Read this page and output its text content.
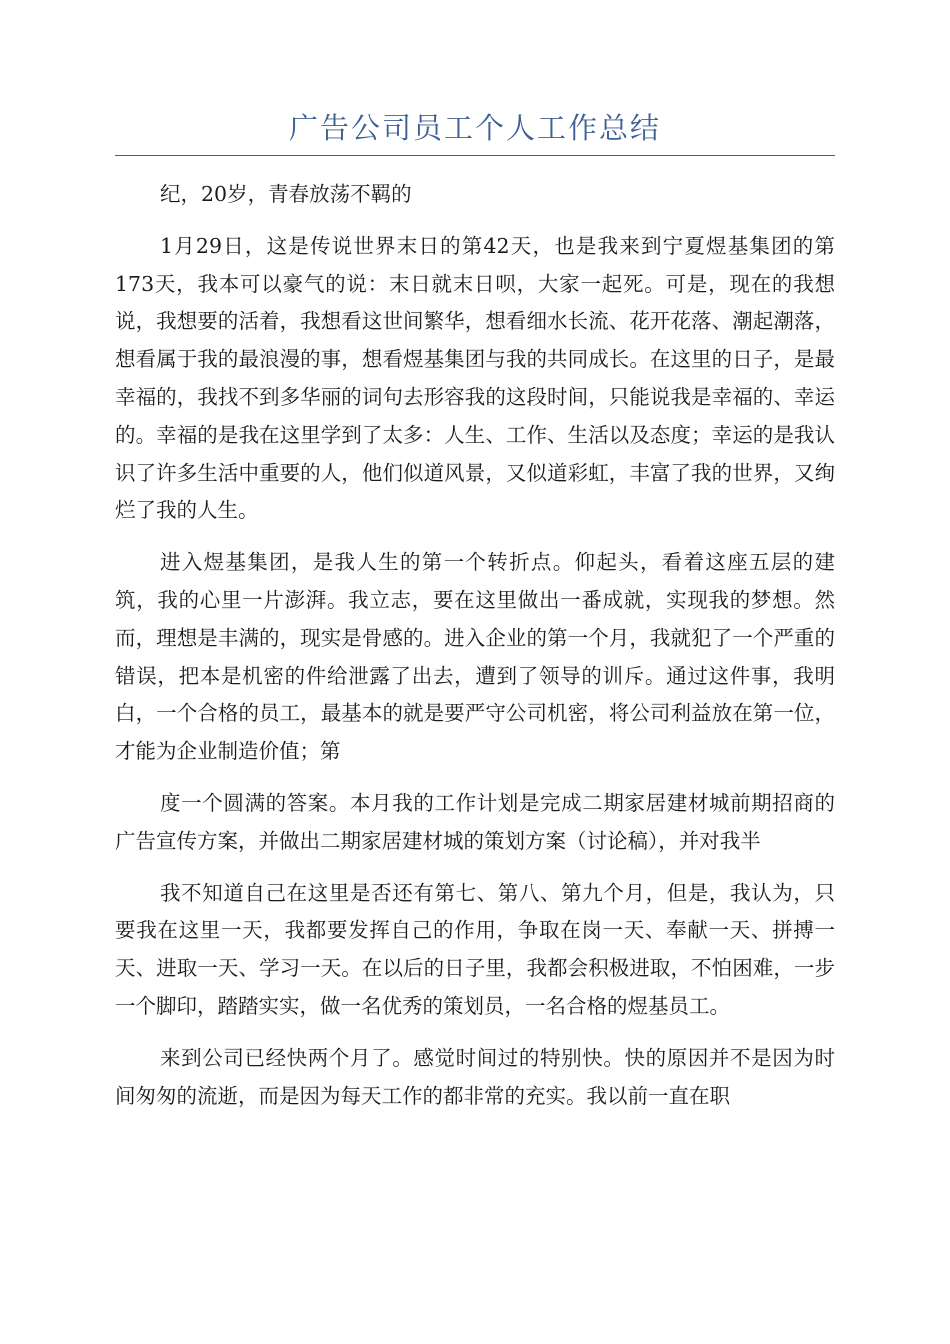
广告公司员工个人工作总结

纪，20岁，青春放荡不羁的

1月29日，这是传说世界末日的第42天，也是我来到宁夏煜基集团的第173天，我本可以豪气的说：末日就末日呗，大家一起死。可是，现在的我想说，我想要的活着，我想看这世间繁华，想看细水长流、花开花落、潮起潮落，想看属于我的最浪漫的事，想看煜基集团与我的共同成长。在这里的日子，是最幸福的，我找不到多华丽的词句去形容我的这段时间，只能说我是幸福的、幸运的。幸福的是我在这里学到了太多：人生、工作、生活以及态度；幸运的是我认识了许多生活中重要的人，他们似道风景，又似道彩虹，丰富了我的世界，又绚烂了我的人生。

进入煜基集团，是我人生的第一个转折点。仰起头，看着这座五层的建筑，我的心里一片澎湃。我立志，要在这里做出一番成就，实现我的梦想。然而，理想是丰满的，现实是骨感的。进入企业的第一个月，我就犯了一个严重的错误，把本是机密的件给泄露了出去，遭到了领导的训斥。通过这件事，我明白，一个合格的员工，最基本的就是要严守公司机密，将公司利益放在第一位，才能为企业制造价值；第

度一个圆满的答案。本月我的工作计划是完成二期家居建材城前期招商的广告宣传方案，并做出二期家居建材城的策划方案（讨论稿），并对我半

我不知道自己在这里是否还有第七、第八、第九个月，但是，我认为，只要我在这里一天，我都要发挥自己的作用，争取在岗一天、奉献一天、拼搏一天、进取一天、学习一天。在以后的日子里，我都会积极进取，不怕困难，一步一个脚印，踏踏实实，做一名优秀的策划员，一名合格的煜基员工。

来到公司已经快两个月了。感觉时间过的特别快。快的原因并不是因为时间匆匆的流逝，而是因为每天工作的都非常的充实。我以前一直在职
